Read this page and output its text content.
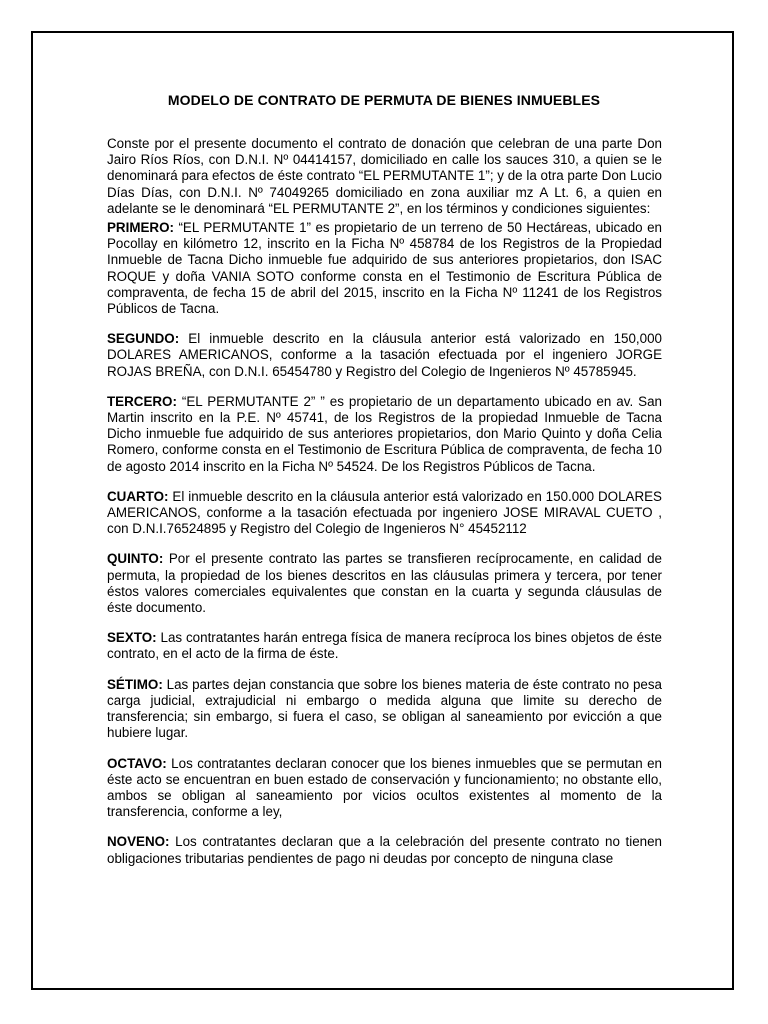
MODELO DE CONTRATO DE PERMUTA DE BIENES INMUEBLES

Conste por el presente documento el contrato de donación que celebran de una parte Don Jairo Ríos Ríos, con D.N.I. Nº 04414157, domiciliado en calle los sauces 310, a quien se le denominará para efectos de éste contrato “EL PERMUTANTE 1”; y de la otra parte Don Lucio Días Días, con D.N.I. Nº 74049265 domiciliado en zona auxiliar mz A Lt. 6, a quien en adelante se le denominará “EL PERMUTANTE 2”, en los términos y condiciones siguientes:

PRIMERO: “EL PERMUTANTE 1” es propietario de un terreno de 50 Hectáreas, ubicado en Pocollay en kilómetro 12, inscrito en la Ficha Nº 458784 de los Registros de la Propiedad Inmueble de Tacna Dicho inmueble fue adquirido de sus anteriores propietarios, don ISAC ROQUE y doña VANIA SOTO conforme consta en el Testimonio de Escritura Pública de compraventa, de fecha 15 de abril del 2015, inscrito en la Ficha Nº 11241 de los Registros Públicos de Tacna.

SEGUNDO: El inmueble descrito en la cláusula anterior está valorizado en 150,000 DOLARES AMERICANOS, conforme a la tasación efectuada por el ingeniero JORGE ROJAS BREÑA, con D.N.I. 65454780 y Registro del Colegio de Ingenieros Nº 45785945.

TERCERO: “EL PERMUTANTE 2” ” es propietario de un departamento ubicado en av. San Martin inscrito en la P.E. Nº 45741, de los Registros de la propiedad Inmueble de Tacna Dicho inmueble fue adquirido de sus anteriores propietarios, don Mario Quinto y doña Celia Romero, conforme consta en el Testimonio de Escritura Pública de compraventa, de fecha 10 de agosto 2014 inscrito en la Ficha Nº 54524. De los Registros Públicos de Tacna.

CUARTO: El inmueble descrito en la cláusula anterior está valorizado en 150.000 DOLARES AMERICANOS, conforme a la tasación efectuada por ingeniero JOSE MIRAVAL CUETO , con D.N.I.76524895 y Registro del Colegio de Ingenieros N° 45452112

QUINTO: Por el presente contrato las partes se transfieren recíprocamente, en calidad de permuta, la propiedad de los bienes descritos en las cláusulas primera y tercera, por tener éstos valores comerciales equivalentes que constan en la cuarta y segunda cláusulas de éste documento.

SEXTO: Las contratantes harán entrega física de manera recíproca los bines objetos de éste contrato, en el acto de la firma de éste.

SÉTIMO: Las partes dejan constancia que sobre los bienes materia de éste contrato no pesa carga judicial, extrajudicial ni embargo o medida alguna que limite su derecho de transferencia; sin embargo, si fuera el caso, se obligan al saneamiento por evicción a que hubiere lugar.

OCTAVO: Los contratantes declaran conocer que los bienes inmuebles que se permutan en éste acto se encuentran en buen estado de conservación y funcionamiento; no obstante ello, ambos se obligan al saneamiento por vicios ocultos existentes al momento de la transferencia, conforme a ley,

NOVENO: Los contratantes declaran que a la celebración del presente contrato no tienen obligaciones tributarias pendientes de pago ni deudas por concepto de ninguna clase
